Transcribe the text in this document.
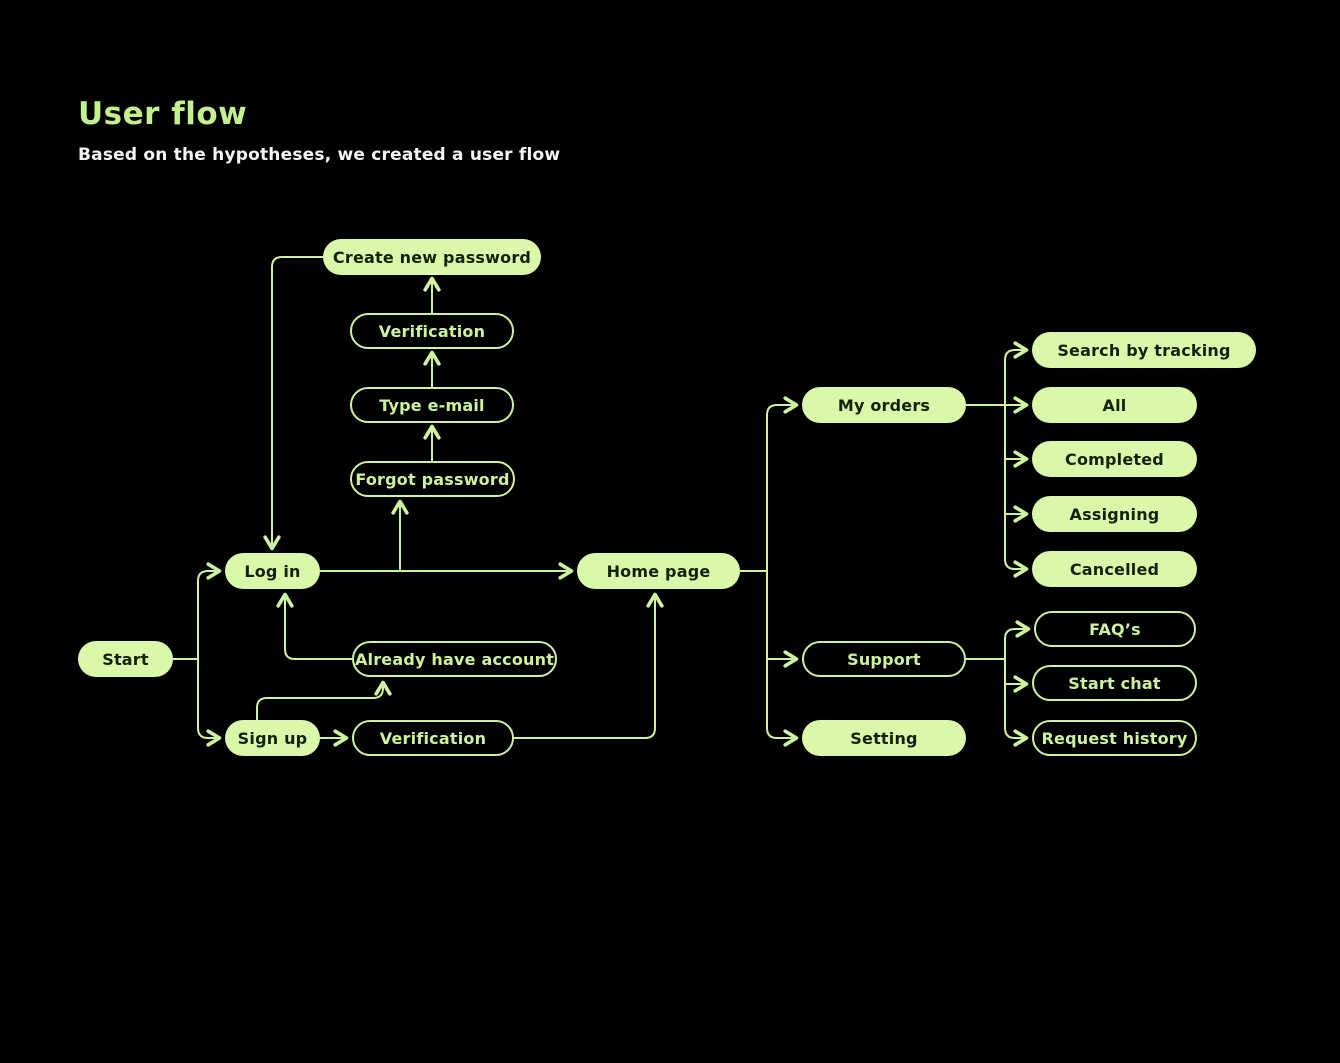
User flow

Based on the hypotheses, we created a user flow

Start
Log in
Sign up
Create new password
Verification
Type e-mail
Forgot password
Already have account
Verification
Home page
My orders
Search by tracking
All
Completed
Assigning
Cancelled
Support
FAQ’s
Start chat
Request history
Setting
